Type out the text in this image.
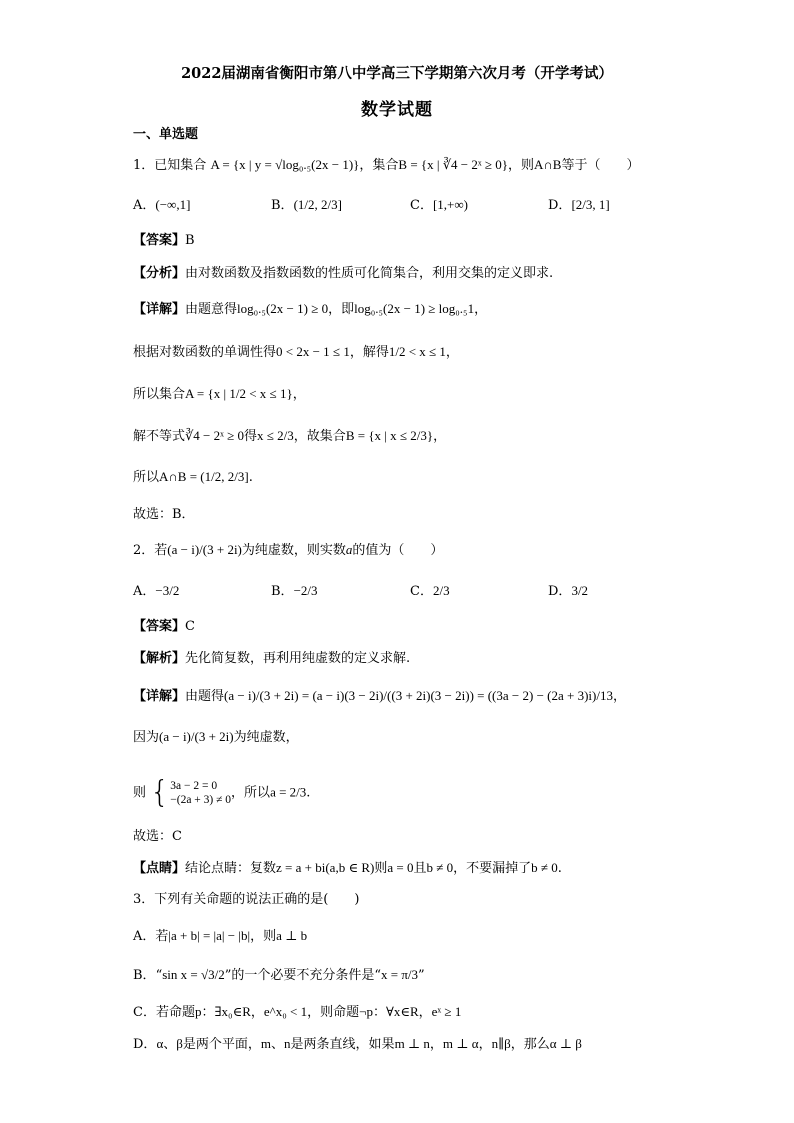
2022届湖南省衡阳市第八中学高三下学期第六次月考（开学考试）
数学试题
一、单选题
1．已知集合 A = {x | y = √log₀.₅(2x − 1)}，集合B = {x | ∛4 − 2ˣ ≥ 0}，则A∩B等于（　　）
A．(−∞,1]	B．(1/2, 2/3]	C．[1,+∞)	D．[2/3, 1]
【答案】B
【分析】由对数函数及指数函数的性质可化简集合，利用交集的定义即求.
【详解】由题意得log₀.₅(2x − 1) ≥ 0，即log₀.₅(2x − 1) ≥ log₀.₅1，
根据对数函数的单调性得0 < 2x − 1 ≤ 1，解得1/2 < x ≤ 1，
所以集合A = {x | 1/2 < x ≤ 1}，
解不等式∛4 − 2ˣ ≥ 0得x ≤ 2/3，故集合B = {x | x ≤ 2/3}，
所以A∩B = (1/2, 2/3].
故选：B．
2．若(a − i)/(3 + 2i)为纯虚数，则实数a的值为（　　）
A．−3/2	B．−2/3	C．2/3	D．3/2
【答案】C
【解析】先化简复数，再利用纯虚数的定义求解.
【详解】由题得(a − i)/(3 + 2i) = (a − i)(3 − 2i)/((3 + 2i)(3 − 2i)) = ((3a − 2) − (2a + 3)i)/13，
因为(a − i)/(3 + 2i)为纯虚数，
则 { 3a − 2 = 0
−(2a + 3) ≠ 0 ，所以a = 2/3.
故选：C
【点睛】结论点睛：复数z = a + bi(a,b ∈ R)则a = 0且b ≠ 0，不要漏掉了b ≠ 0.
3．下列有关命题的说法正确的是(　　)
A．若|a + b| = |a| − |b|，则a ⊥ b
B．“sin x = √3/2”的一个必要不充分条件是“x = π/3”
C．若命题p：∃x₀∈R，e^x₀ < 1，则命题¬p：∀x∈R，eˣ ≥ 1
D．α、β是两个平面，m、n是两条直线，如果m ⊥ n，m ⊥ α，n∥β，那么α ⊥ β
